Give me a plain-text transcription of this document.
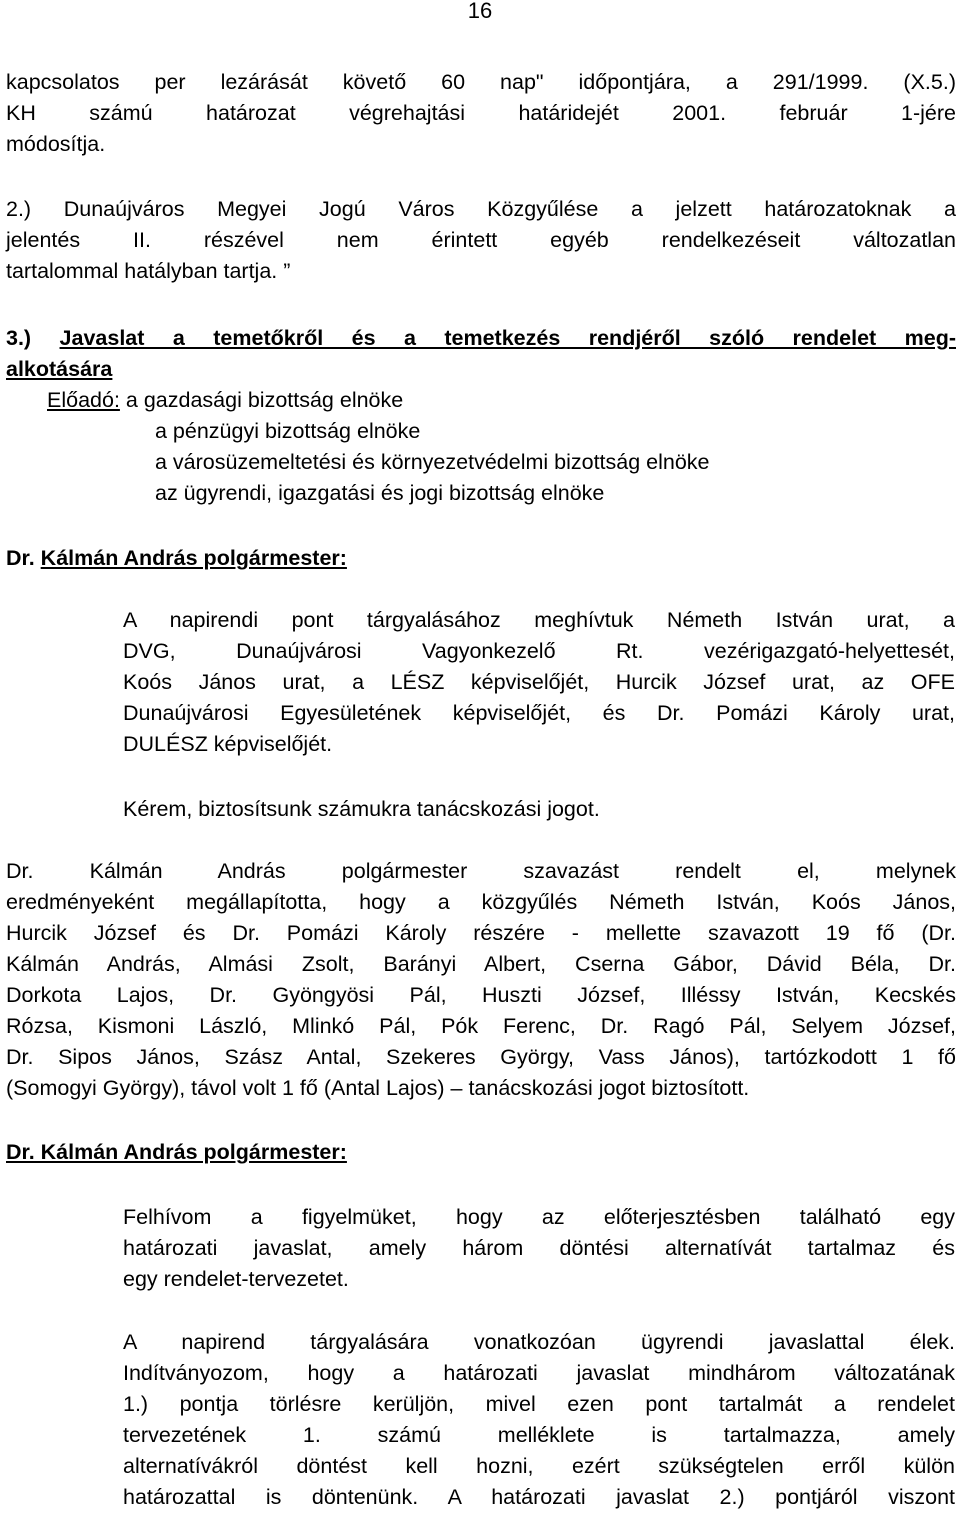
16
kapcsolatos per lezárását követő 60 nap" időpontjára, a 291/1999. (X.5.)
KH számú határozat végrehajtási határidejét 2001. február 1-jére
módosítja.
2.) Dunaújváros Megyei Jogú Város Közgyűlése a jelzett határozatoknak a
jelentés II. részével nem érintett egyéb rendelkezéseit változatlan
tartalommal hatályban tartja. ”
3.) Javaslat a temetőkről és a temetkezés rendjéről szóló rendelet meg-
alkotására
Előadó: a gazdasági bizottság elnöke
a pénzügyi bizottság elnöke
a városüzemeltetési és környezetvédelmi bizottság elnöke
az ügyrendi, igazgatási és jogi bizottság elnöke
Dr. Kálmán András polgármester:
A napirendi pont tárgyalásához meghívtuk Németh István urat, a
DVG, Dunaújvárosi Vagyonkezelő Rt. vezérigazgató-helyettesét,
Koós János urat, a LÉSZ képviselőjét, Hurcik József urat, az OFE
Dunaújvárosi Egyesületének képviselőjét, és Dr. Pomázi Károly urat,
DULÉSZ képviselőjét.
Kérem, biztosítsunk számukra tanácskozási jogot.
Dr. Kálmán András polgármester szavazást rendelt el, melynek
eredményeként megállapította, hogy a közgyűlés Németh István, Koós János,
Hurcik József és Dr. Pomázi Károly részére - mellette szavazott 19 fő (Dr.
Kálmán András, Almási Zsolt, Barányi Albert, Cserna Gábor, Dávid Béla, Dr.
Dorkota Lajos, Dr. Gyöngyösi Pál, Huszti József, Illéssy István, Kecskés
Rózsa, Kismoni László, Mlinkó Pál, Pók Ferenc, Dr. Ragó Pál, Selyem József,
Dr. Sipos János, Szász Antal, Szekeres György, Vass János), tartózkodott 1 fő
(Somogyi György), távol volt 1 fő (Antal Lajos) – tanácskozási jogot biztosított.
Dr. Kálmán András polgármester:
Felhívom a figyelmüket, hogy az előterjesztésben található egy
határozati javaslat, amely három döntési alternatívát tartalmaz és
egy rendelet-tervezetet.
A napirend tárgyalására vonatkozóan ügyrendi javaslattal élek.
Indítványozom, hogy a határozati javaslat mindhárom változatának
1.) pontja törlésre kerüljön, mivel ezen pont tartalmát a rendelet
tervezetének 1. számú melléklete is tartalmazza, amely
alternatívákról döntést kell hozni, ezért szükségtelen erről külön
határozattal is döntenünk. A határozati javaslat 2.) pontjáról viszont
